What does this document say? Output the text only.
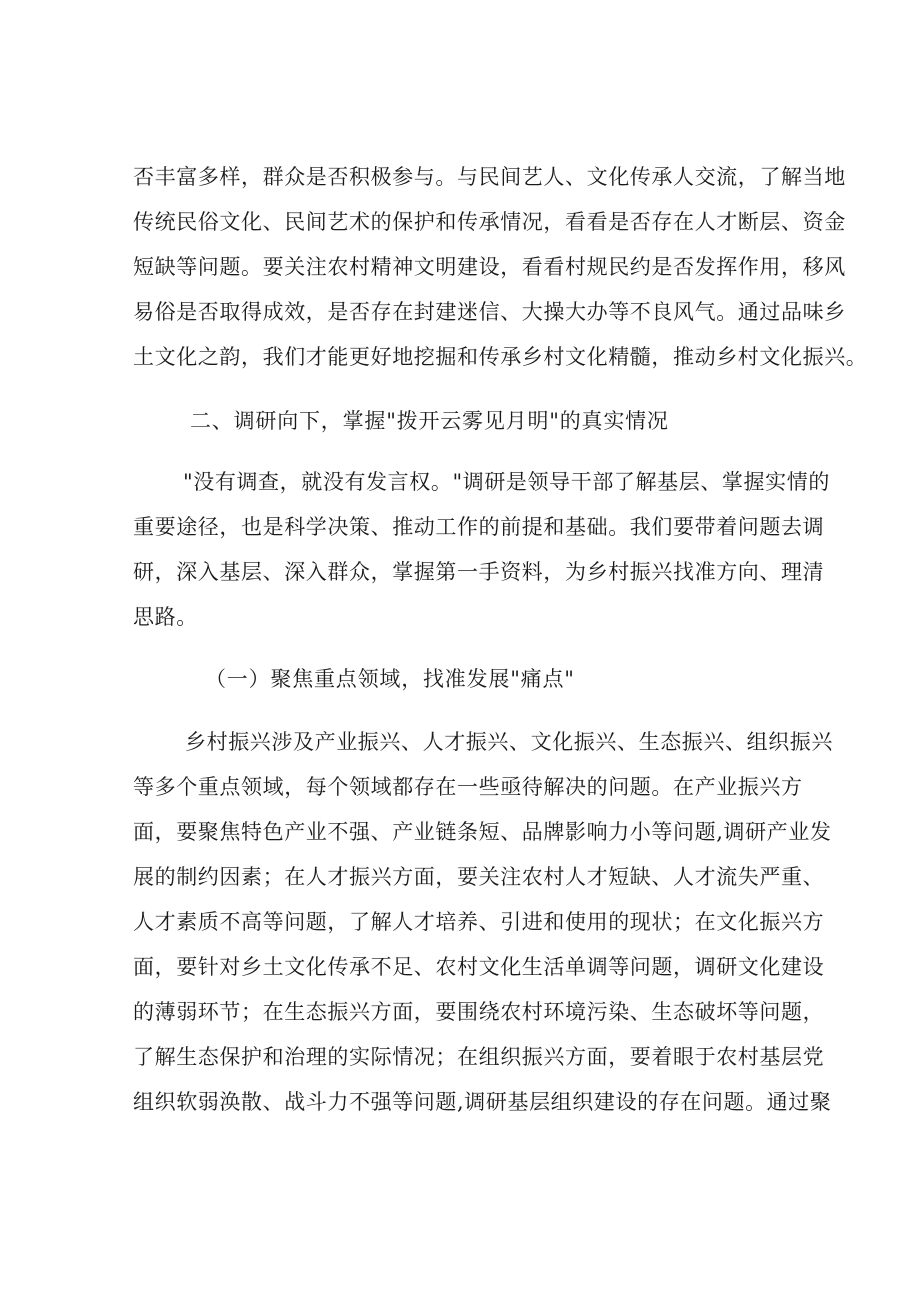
否丰富多样，群众是否积极参与。与民间艺人、文化传承人交流，了解当地
传统民俗文化、民间艺术的保护和传承情况，看看是否存在人才断层、资金
短缺等问题。要关注农村精神文明建设，看看村规民约是否发挥作用，移风
易俗是否取得成效，是否存在封建迷信、大操大办等不良风气。通过品味乡
土文化之韵，我们才能更好地挖掘和传承乡村文化精髓，推动乡村文化振兴。
二、调研向下，掌握"拨开云雾见月明"的真实情况
"没有调查，就没有发言权。"调研是领导干部了解基层、掌握实情的
重要途径，也是科学决策、推动工作的前提和基础。我们要带着问题去调
研，深入基层、深入群众，掌握第一手资料，为乡村振兴找准方向、理清
思路。
（一）聚焦重点领域，找准发展"痛点"
乡村振兴涉及产业振兴、人才振兴、文化振兴、生态振兴、组织振兴
等多个重点领域，每个领域都存在一些亟待解决的问题。在产业振兴方
面，要聚焦特色产业不强、产业链条短、品牌影响力小等问题,调研产业发
展的制约因素；在人才振兴方面，要关注农村人才短缺、人才流失严重、
人才素质不高等问题，了解人才培养、引进和使用的现状；在文化振兴方
面，要针对乡土文化传承不足、农村文化生活单调等问题，调研文化建设
的薄弱环节；在生态振兴方面，要围绕农村环境污染、生态破坏等问题，
了解生态保护和治理的实际情况；在组织振兴方面，要着眼于农村基层党
组织软弱涣散、战斗力不强等问题,调研基层组织建设的存在问题。通过聚
